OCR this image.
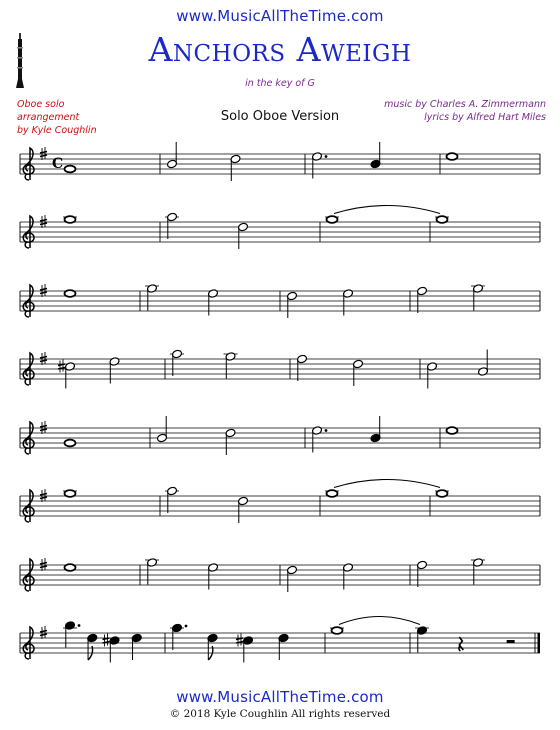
www.MusicAllTheTime.com
Anchors Aweigh
in the key of G
Oboe solo
arrangement
by Kyle Coughlin
Solo Oboe Version
music by Charles A. Zimmermann
lyrics by Alfred Hart Miles
C
www.MusicAllTheTime.com
© 2018 Kyle Coughlin All rights reserved
